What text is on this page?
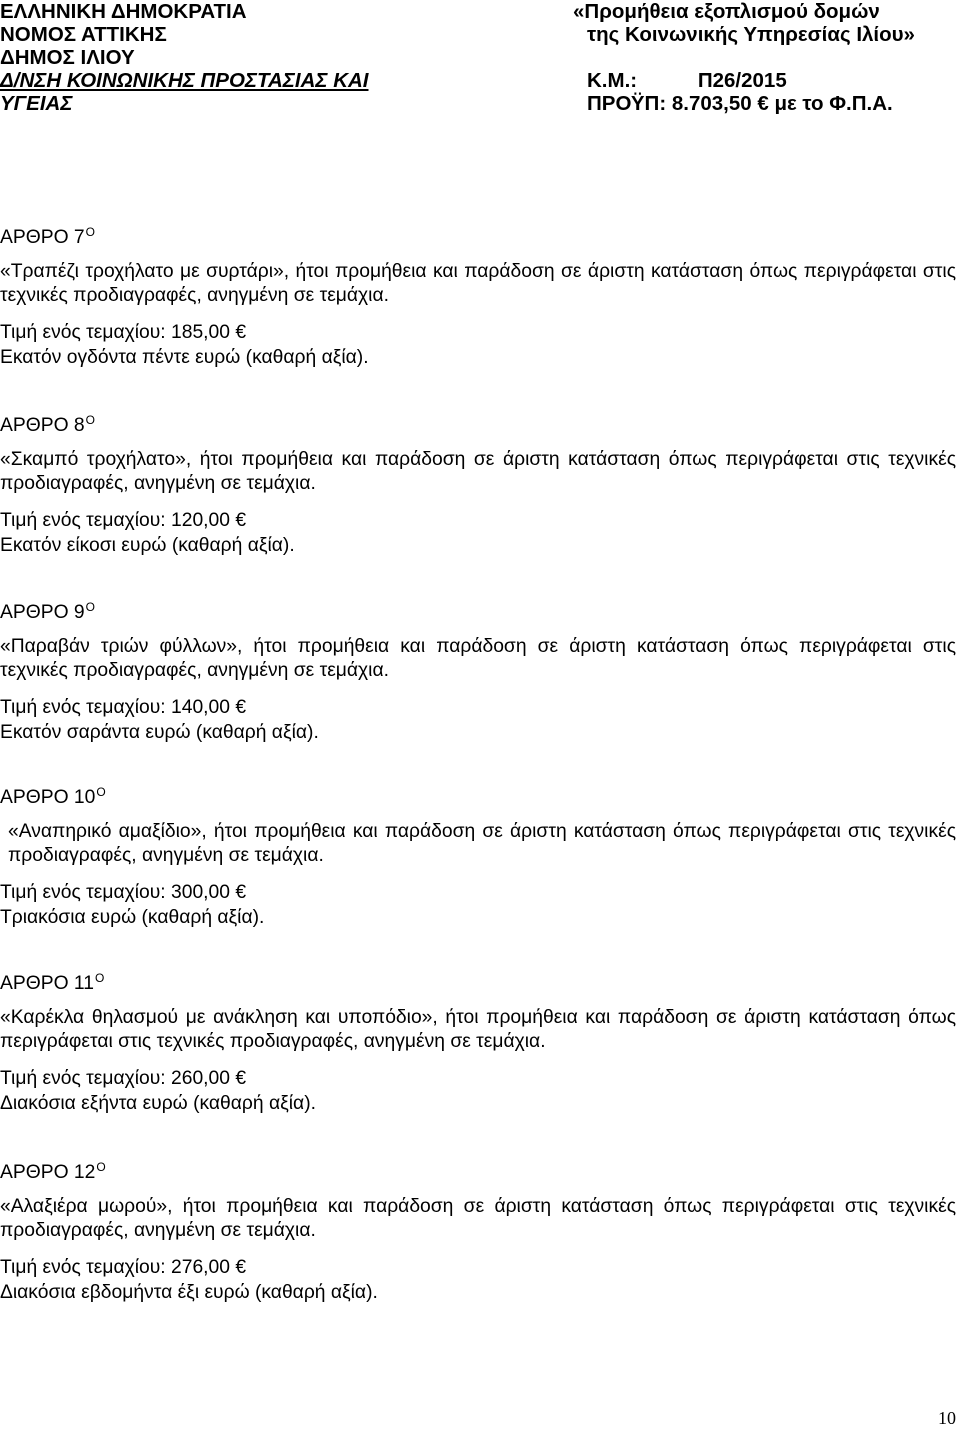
ΕΛΛΗΝΙΚΗ ΔΗΜΟΚΡΑΤΙΑ
ΝΟΜΟΣ ΑΤΤΙΚΗΣ
ΔΗΜΟΣ ΙΛΙΟΥ
Δ/ΝΣΗ ΚΟΙΝΩΝΙΚΗΣ ΠΡΟΣΤΑΣΙΑΣ ΚΑΙ
ΥΓΕΙΑΣ
«Προμήθεια εξοπλισμού δομών
της Κοινωνικής Υπηρεσίας Ιλίου»
Κ.Μ.:	Π26/2015
ΠΡΟΫΠ: 8.703,50 € με το Φ.Π.Α.
ΑΡΘΡΟ $7^O$
«Τραπέζι τροχήλατο με συρτάρι», ήτοι προμήθεια και παράδοση σε άριστη κατάσταση όπως περιγράφεται στις τεχνικές προδιαγραφές, ανηγμένη σε τεμάχια.
Τιμή ενός τεμαχίου: 185,00 €
Εκατόν ογδόντα πέντε ευρώ (καθαρή αξία).
ΑΡΘΡΟ $8^O$
«Σκαμπό τροχήλατο», ήτοι προμήθεια και παράδοση σε άριστη κατάσταση όπως περιγράφεται στις τεχνικές προδιαγραφές, ανηγμένη σε τεμάχια.
Τιμή ενός τεμαχίου: 120,00 €
Εκατόν είκοσι ευρώ (καθαρή αξία).
ΑΡΘΡΟ $9^O$
«Παραβάν τριών φύλλων», ήτοι προμήθεια και παράδοση σε άριστη κατάσταση όπως περιγράφεται στις τεχνικές προδιαγραφές, ανηγμένη σε τεμάχια.
Τιμή ενός τεμαχίου: 140,00 €
Εκατόν σαράντα ευρώ (καθαρή αξία).
ΑΡΘΡΟ $10^O$
«Αναπηρικό αμαξίδιο», ήτοι προμήθεια και παράδοση σε άριστη κατάσταση όπως περιγράφεται στις τεχνικές προδιαγραφές, ανηγμένη σε τεμάχια.
Τιμή ενός τεμαχίου: 300,00 €
Τριακόσια ευρώ (καθαρή αξία).
ΑΡΘΡΟ $11^O$
«Καρέκλα θηλασμού με ανάκληση και υποπόδιο», ήτοι προμήθεια και παράδοση σε άριστη κατάσταση όπως περιγράφεται στις τεχνικές προδιαγραφές, ανηγμένη σε τεμάχια.
Τιμή ενός τεμαχίου: 260,00 €
Διακόσια εξήντα ευρώ (καθαρή αξία).
ΑΡΘΡΟ $12^O$
«Αλαξιέρα μωρού», ήτοι προμήθεια και παράδοση σε άριστη κατάσταση όπως περιγράφεται στις τεχνικές προδιαγραφές, ανηγμένη σε τεμάχια.
Τιμή ενός τεμαχίου: 276,00 €
Διακόσια εβδομήντα έξι ευρώ (καθαρή αξία).
10
